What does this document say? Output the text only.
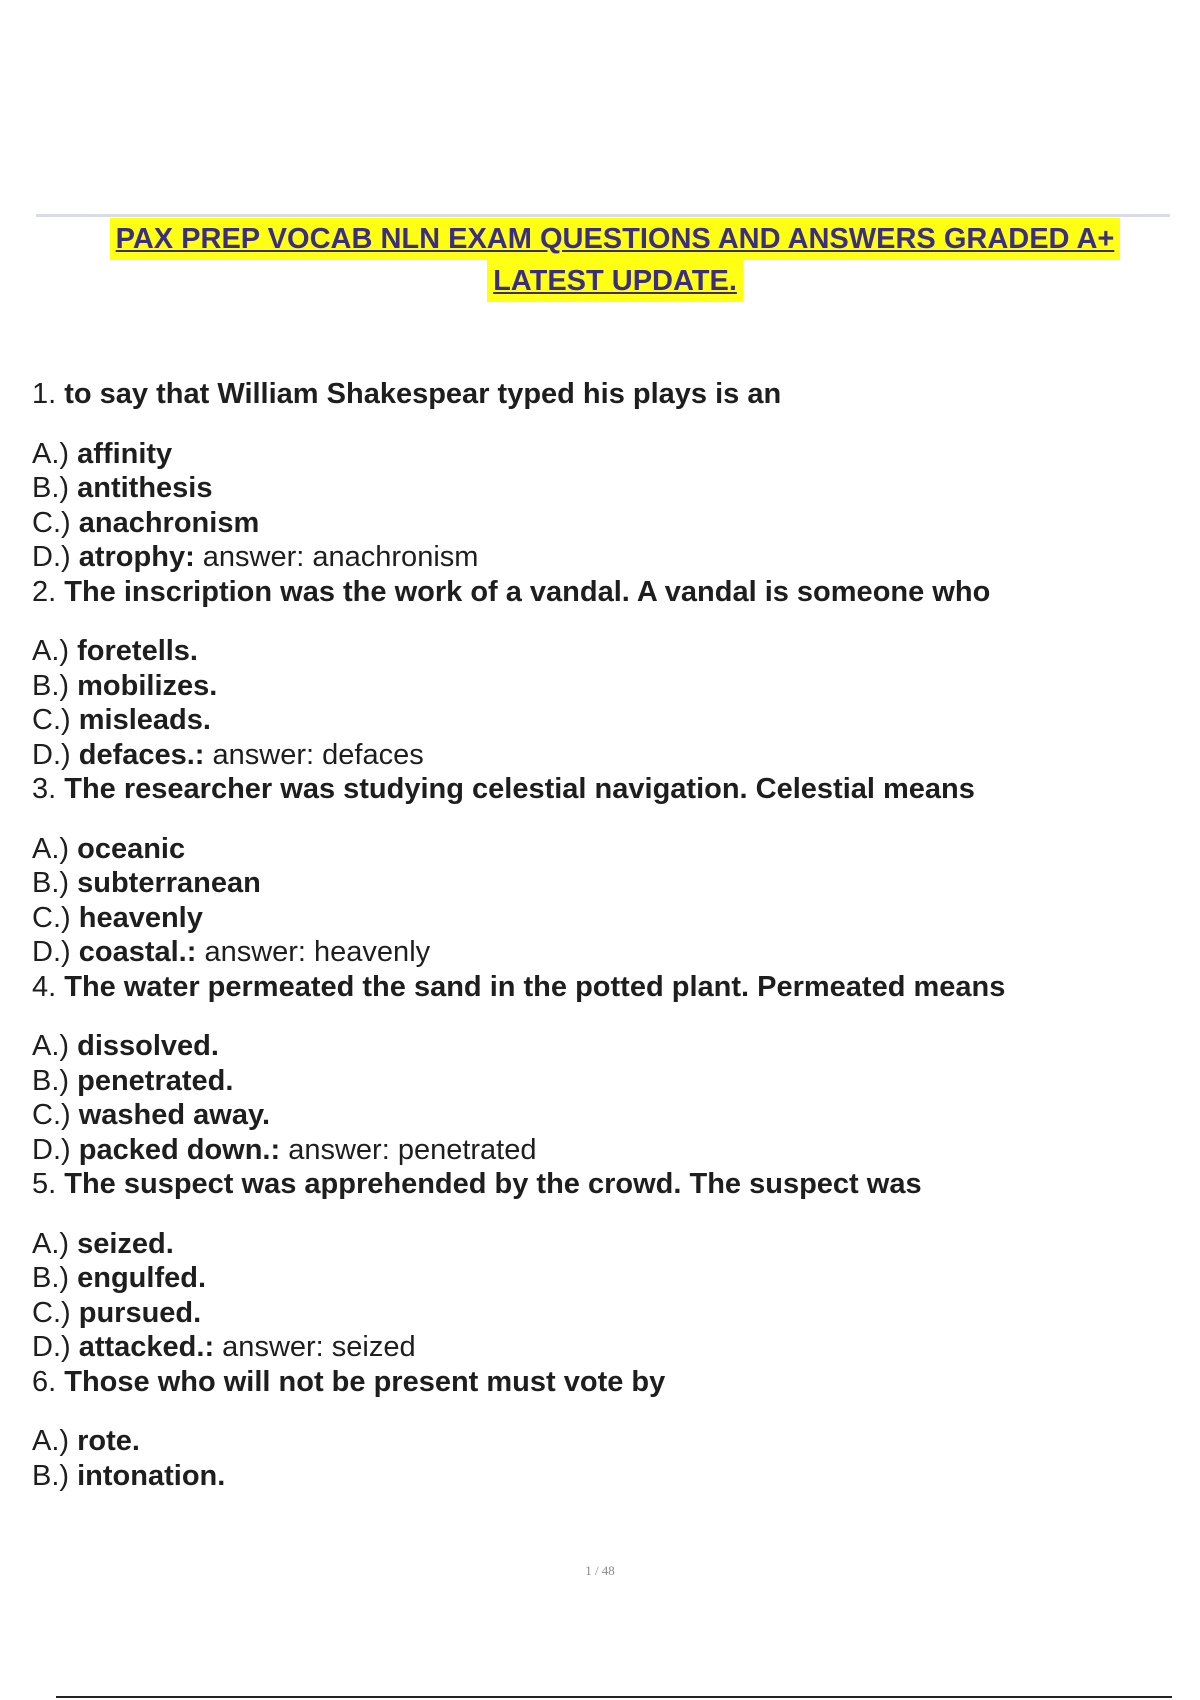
PAX PREP VOCAB NLN EXAM QUESTIONS AND ANSWERS GRADED A+
LATEST UPDATE.
1. to say that William Shakespear typed his plays is an
A.) affinity
B.) antithesis
C.) anachronism
D.) atrophy: answer: anachronism
2. The inscription was the work of a vandal. A vandal is someone who
A.) foretells.
B.) mobilizes.
C.) misleads.
D.) defaces.: answer: defaces
3. The researcher was studying celestial navigation. Celestial means
A.) oceanic
B.) subterranean
C.) heavenly
D.) coastal.: answer: heavenly
4. The water permeated the sand in the potted plant. Permeated means
A.) dissolved.
B.) penetrated.
C.) washed away.
D.) packed down.: answer: penetrated
5. The suspect was apprehended by the crowd. The suspect was
A.) seized.
B.) engulfed.
C.) pursued.
D.) attacked.: answer: seized
6. Those who will not be present must vote by
A.) rote.
B.) intonation.
1 / 48
